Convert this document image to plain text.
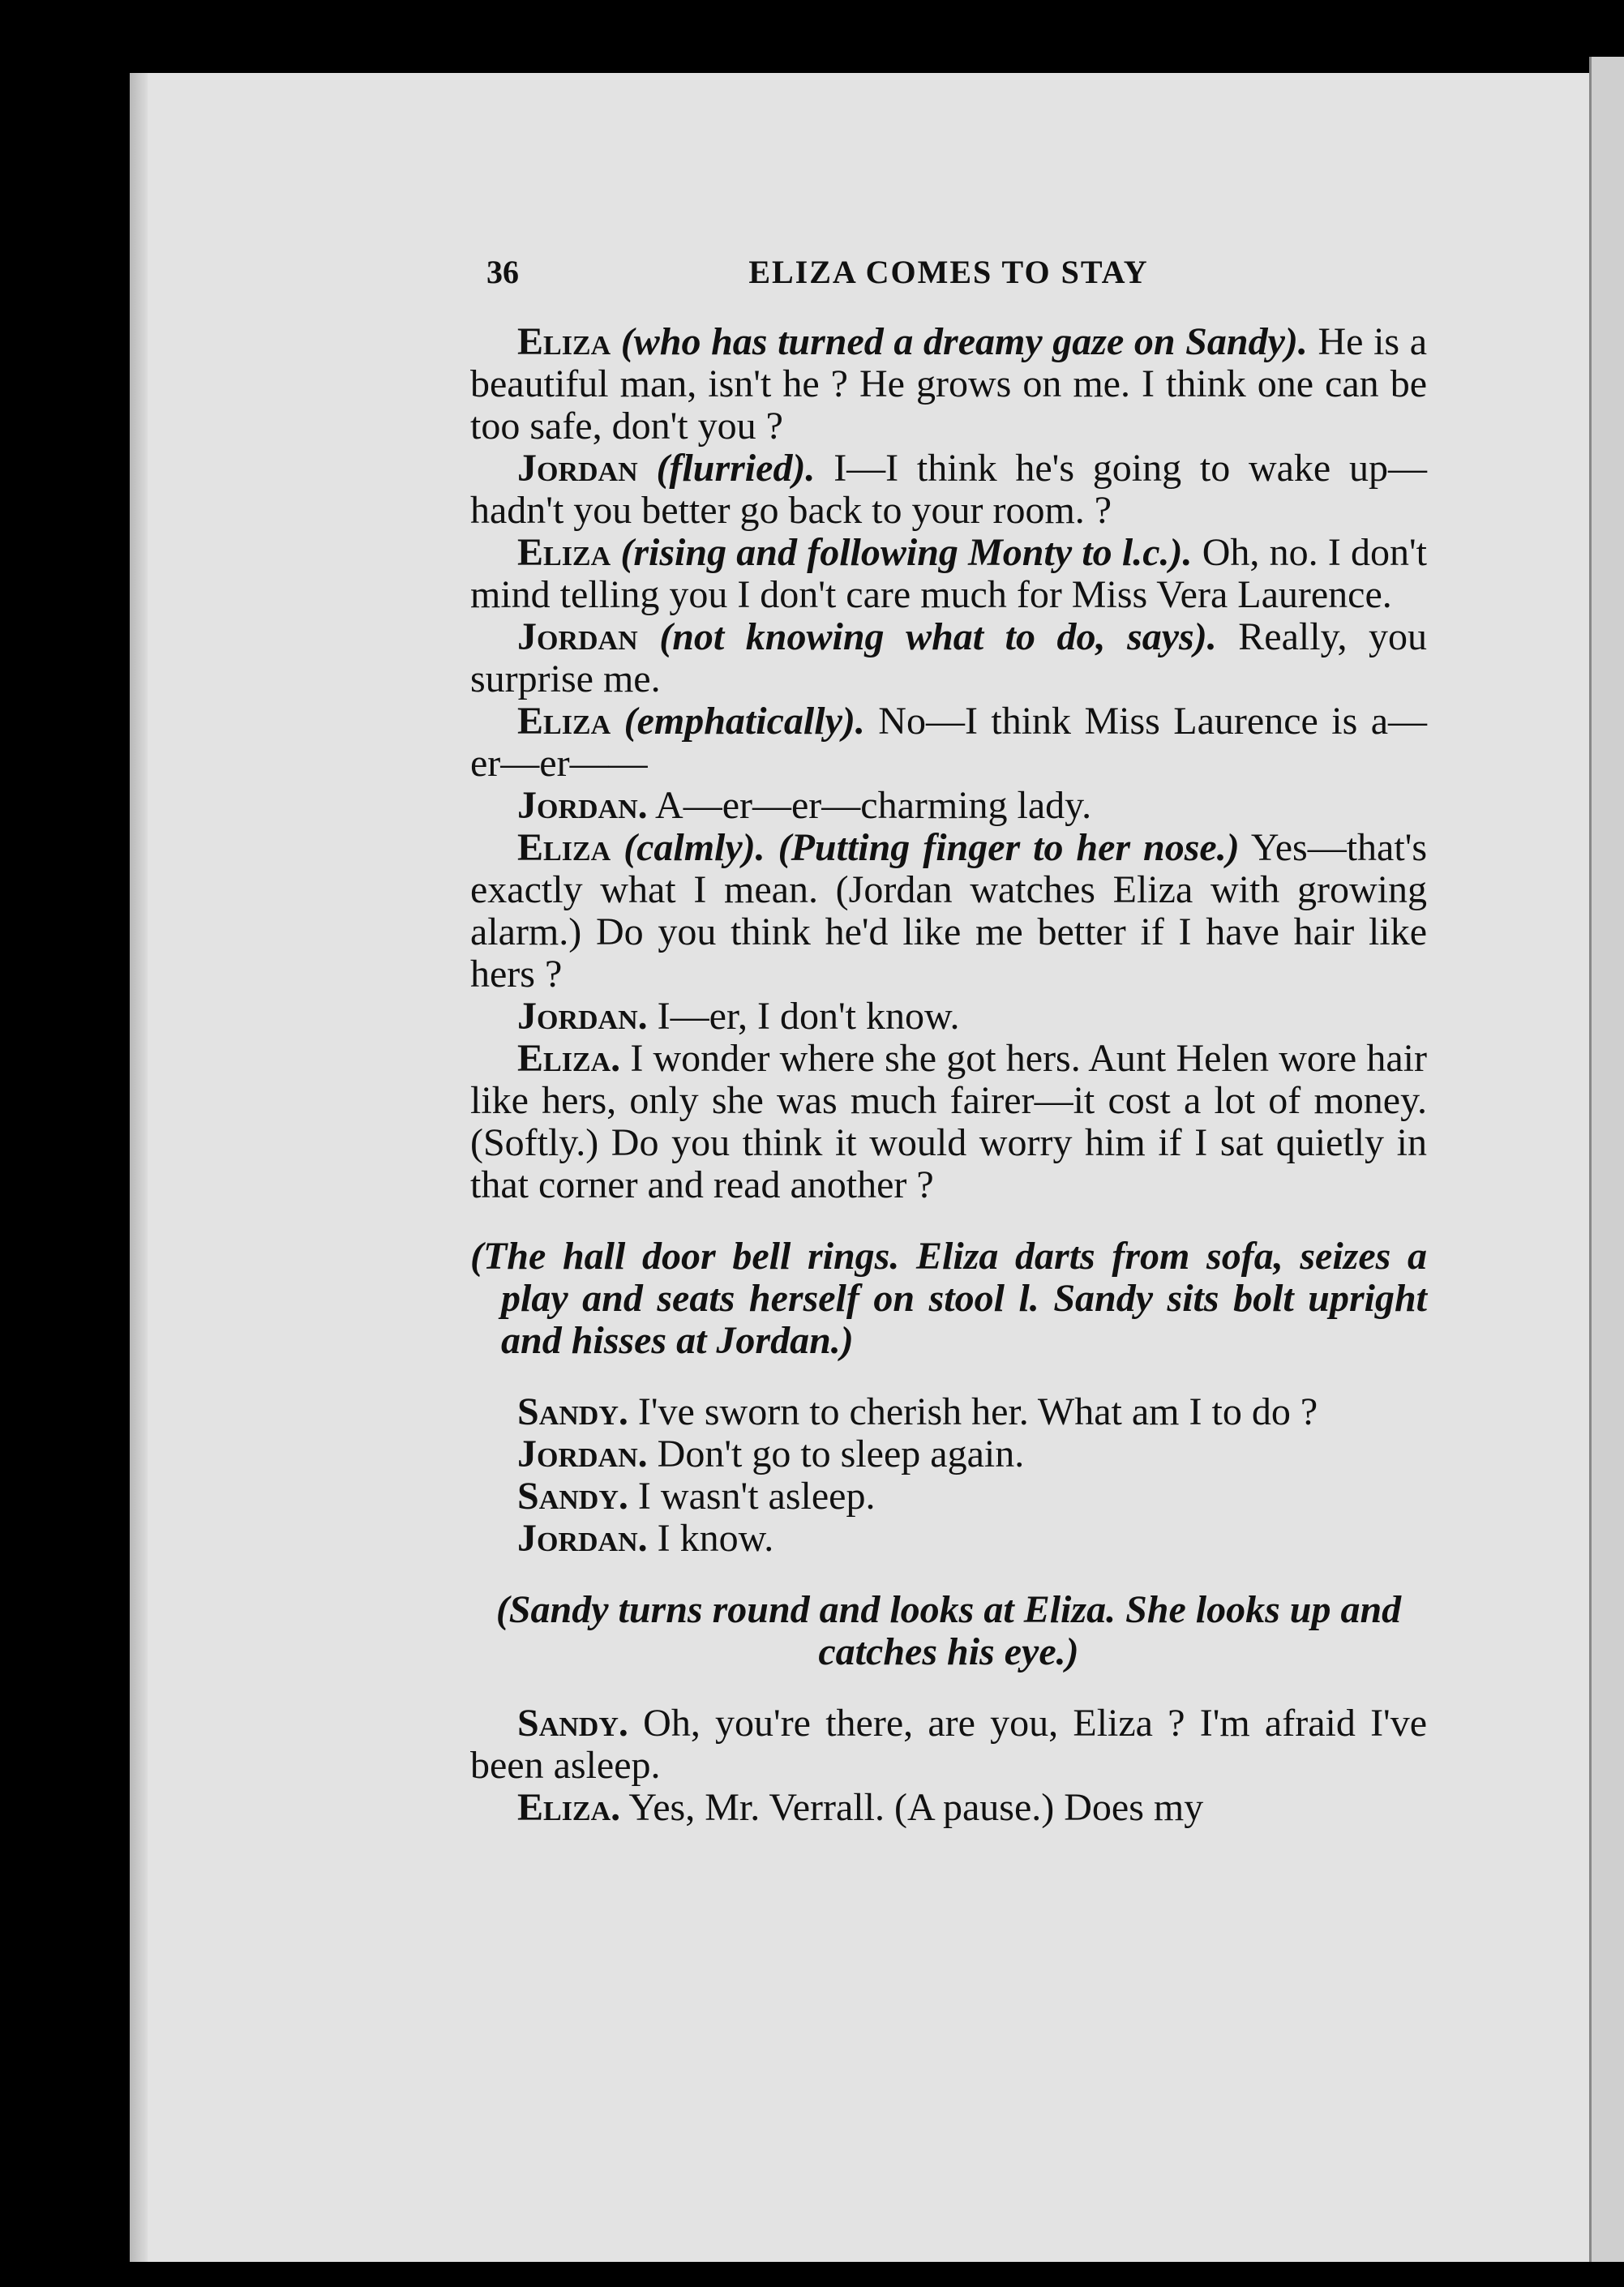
36	ELIZA COMES TO STAY

Eliza (who has turned a dreamy gaze on Sandy). He is a beautiful man, isn't he ? He grows on me. I think one can be too safe, don't you ?

Jordan (flurried). I—I think he's going to wake up—hadn't you better go back to your room. ?

Eliza (rising and following Monty to l.c.). Oh, no. I don't mind telling you I don't care much for Miss Vera Laurence.

Jordan (not knowing what to do, says). Really, you surprise me.

Eliza (emphatically). No—I think Miss Laurence is a—er—er——

Jordan. A—er—er—charming lady.

Eliza (calmly). (Putting finger to her nose.) Yes—that's exactly what I mean. (Jordan watches Eliza with growing alarm.) Do you think he'd like me better if I have hair like hers ?

Jordan. I—er, I don't know.

Eliza. I wonder where she got hers. Aunt Helen wore hair like hers, only she was much fairer—it cost a lot of money. (Softly.) Do you think it would worry him if I sat quietly in that corner and read another ?

(The hall door bell rings. Eliza darts from sofa, seizes a play and seats herself on stool l. Sandy sits bolt upright and hisses at Jordan.)

Sandy. I've sworn to cherish her. What am I to do ?

Jordan. Don't go to sleep again.

Sandy. I wasn't asleep.

Jordan. I know.

(Sandy turns round and looks at Eliza. She looks up and catches his eye.)

Sandy. Oh, you're there, are you, Eliza ? I'm afraid I've been asleep.

Eliza. Yes, Mr. Verrall. (A pause.) Does my
